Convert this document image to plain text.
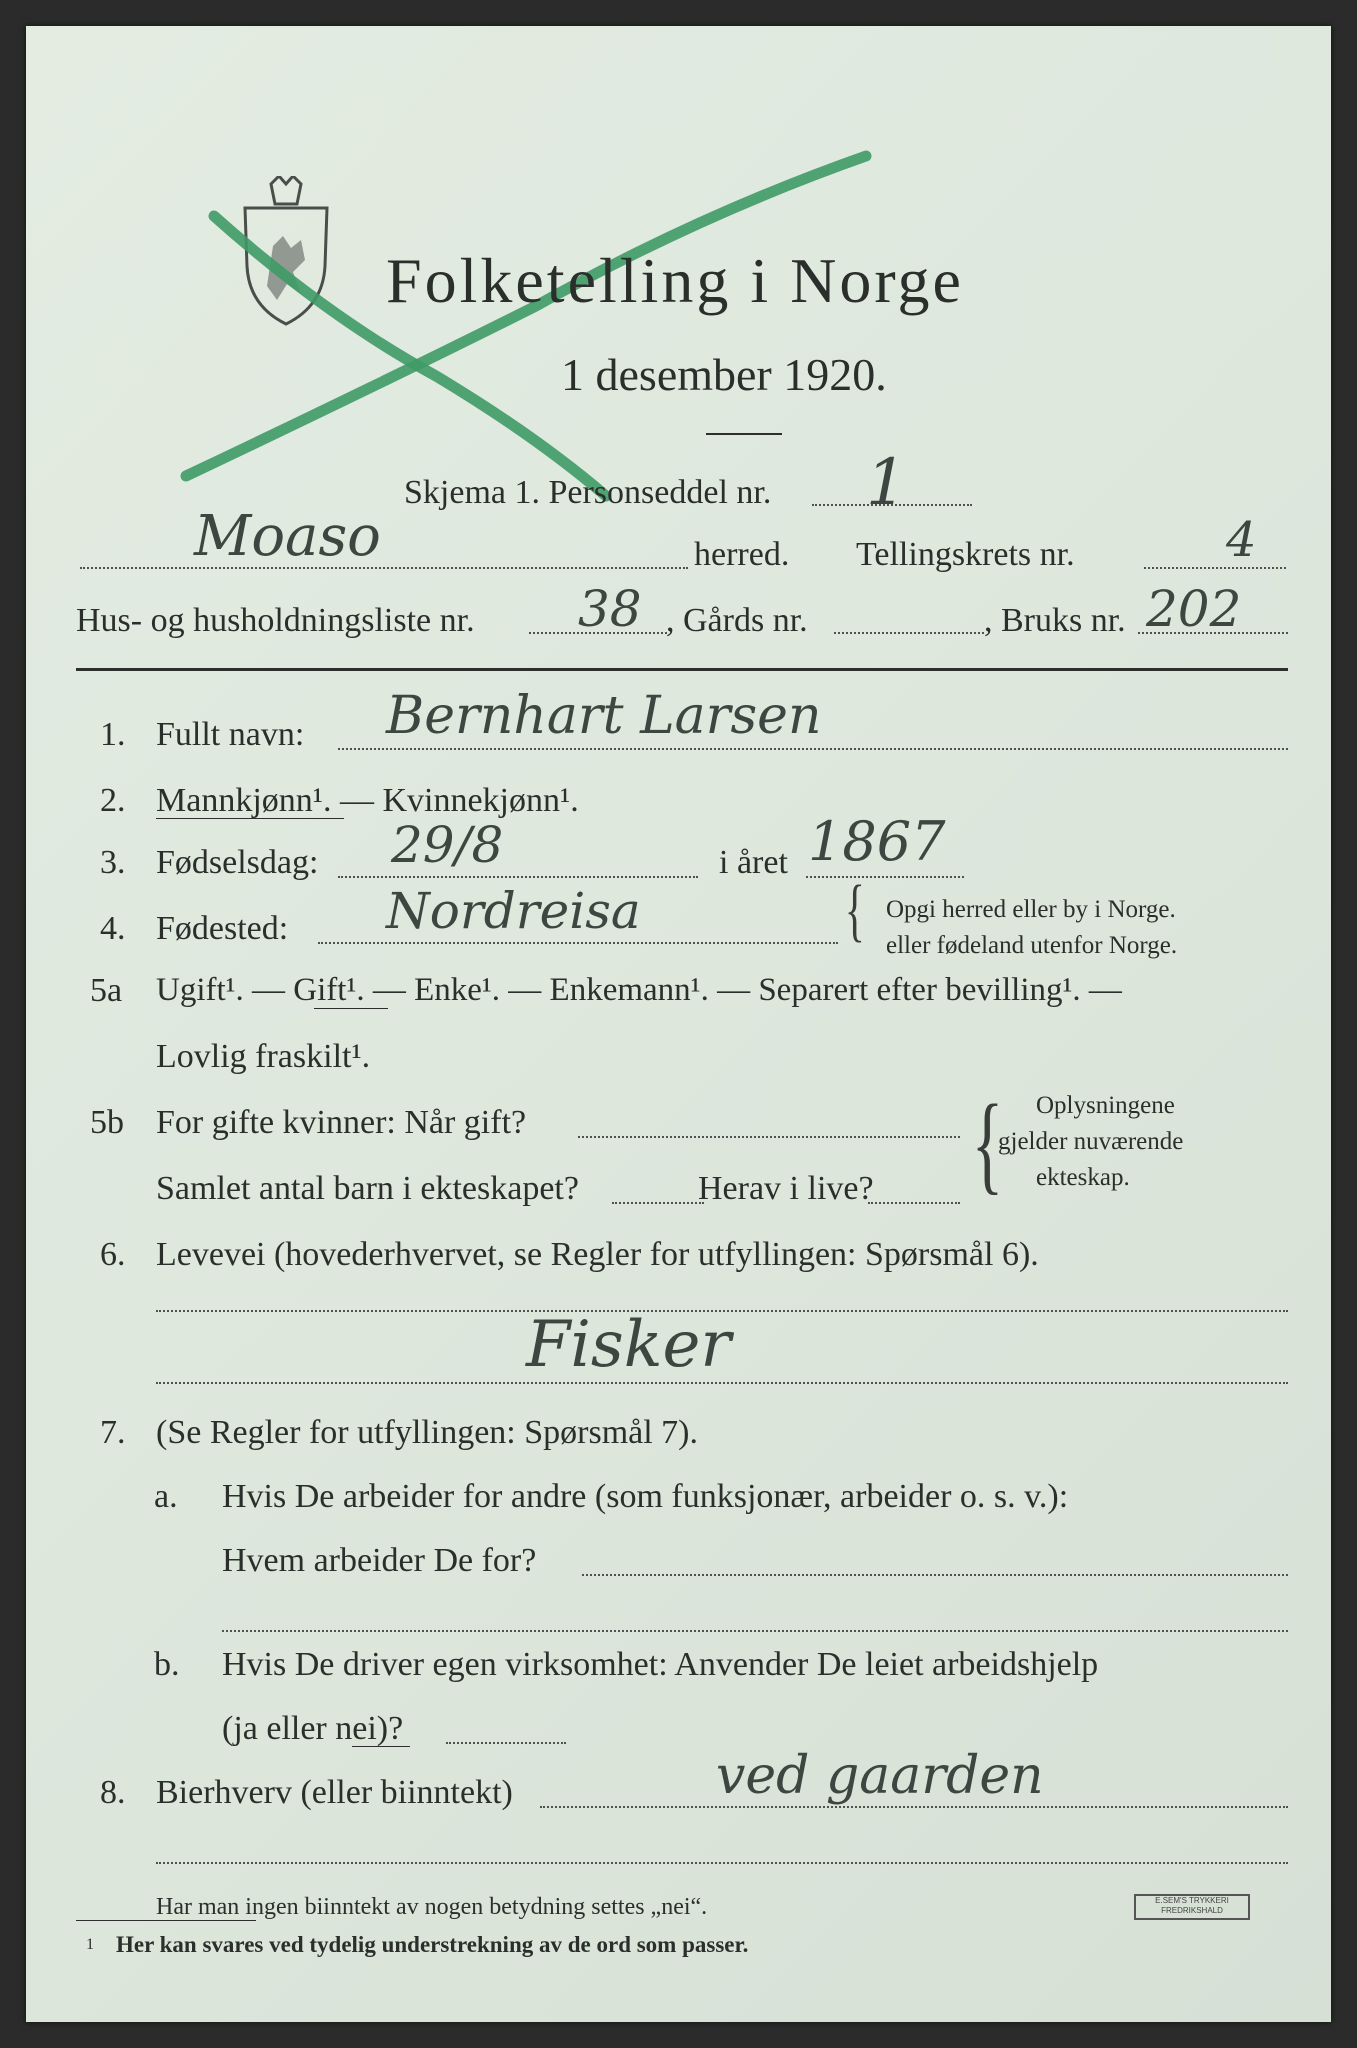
Folketelling i Norge
1 desember 1920.
Skjema 1. Personseddel nr. 1
Moaso	herred. Tellingskrets nr.	4
Hus- og husholdningsliste nr. 38 , Gårds nr.	, Bruks nr. 202
1. Fullt navn: Bernhart Larsen
2. Mannkjønn¹. — Kvinnekjønn¹.
3. Fødselsdag: 29/8	i året 1867
4. Fødested: Nordreisa	{ Opgi herred eller by i Norge.
eller fødeland utenfor Norge.
5a Ugift¹. — Gift¹. — Enke¹. — Enkemann¹. — Separert efter bevilling¹. —
Lovlig fraskilt¹.
5b For gifte kvinner: Når gift?
Samlet antal barn i ekteskapet?	Herav i live? { Oplysningene
gjelder nuværende
ekteskap.
6. Levevei (hovederhvervet, se Regler for utfyllingen: Spørsmål 6).
Fisker
7. (Se Regler for utfyllingen: Spørsmål 7).
a. Hvis De arbeider for andre (som funksjonær, arbeider o. s. v.):
Hvem arbeider De for?
b. Hvis De driver egen virksomhet: Anvender De leiet arbeidshjelp
(ja eller nei)?
8. Bierhverv (eller biinntekt)	ved gaarden
Har man ingen biinntekt av nogen betydning settes „nei“.
1 Her kan svares ved tydelig understrekning av de ord som passer.
E.SEM'S TRYKKERI FREDRIKSHALD
